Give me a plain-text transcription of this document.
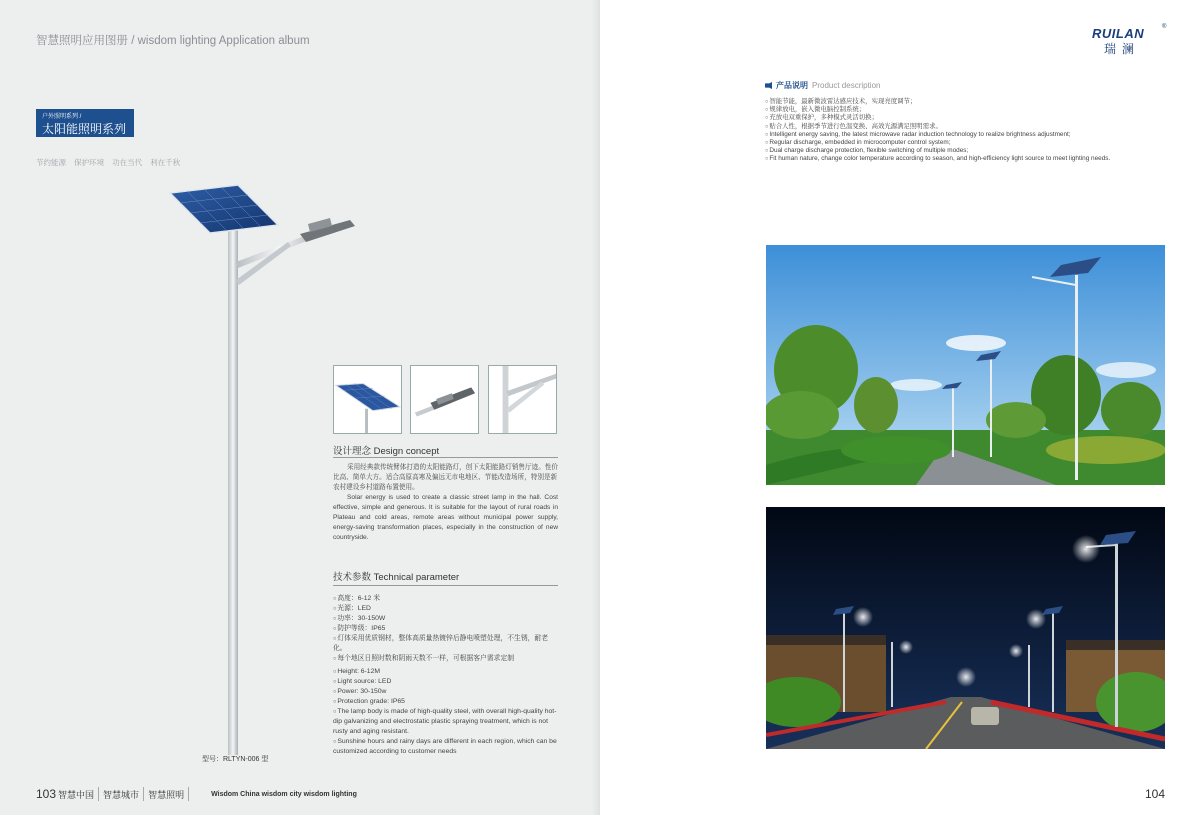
智慧照明应用图册 / wisdom lighting Application album
户外照明系列 /
太阳能照明系列
节约能源 保护环境 功在当代 利在千秋
型号：RLTYN-006 型
设计理念 Design concept

采用经典款传统臂体打造的太阳能路灯，创下太阳能路灯销售厅迹。性价比高、简单大方。适合高原高寒及偏远无市电地区、节能改造场所，特别是新农村建设乡村道路布置使用。

Solar energy is used to create a classic street lamp in the hall. Cost effective, simple and generous. It is suitable for the layout of rural roads in Plateau and cold areas, remote areas without municipal power supply, energy-saving transformation places, especially in the construction of new countryside.

技术参数 Technical parameter
○ 高度：6-12 米
○ 光源：LED
○ 功率：30-150W
○ 防护等级：IP65
○ 灯体采用优质钢材，整体高质量热镀锌后静电喷塑处理，不生锈，耐老化。
○ 每个地区日照时数和阴雨天数不一样，可根据客户需求定制
○ Height: 6-12M
○ Light source: LED
○ Power: 30-150w
○ Protection grade: IP65
○ The lamp body is made of high-quality steel, with overall high-quality hot-dip galvanizing and electrostatic plastic spraying treatment, which is not rusty and aging resistant.
○ Sunshine hours and rainy days are different in each region, which can be customized according to customer needs
103 智慧中国 智慧城市 智慧照明	Wisdom China wisdom city wisdom lighting
RUILAN
瑞澜
®
产品说明 Product description
○ 智能节能，最新微波雷达感应技术，实现亮度调节；
○ 规律放电，嵌入微电脑控制系统；
○ 充放电双重保护，多种模式灵活切换；
○ 贴合人性，根据季节进行色温变换、高效光源满足照明需求。
○ Intelligent energy saving, the latest microwave radar induction technology to realize brightness adjustment;
○ Regular discharge, embedded in microcomputer control system;
○ Dual charge discharge protection, flexible switching of multiple modes;
○ Fit human nature, change color temperature according to season, and high-efficiency light source to meet lighting needs.
104
